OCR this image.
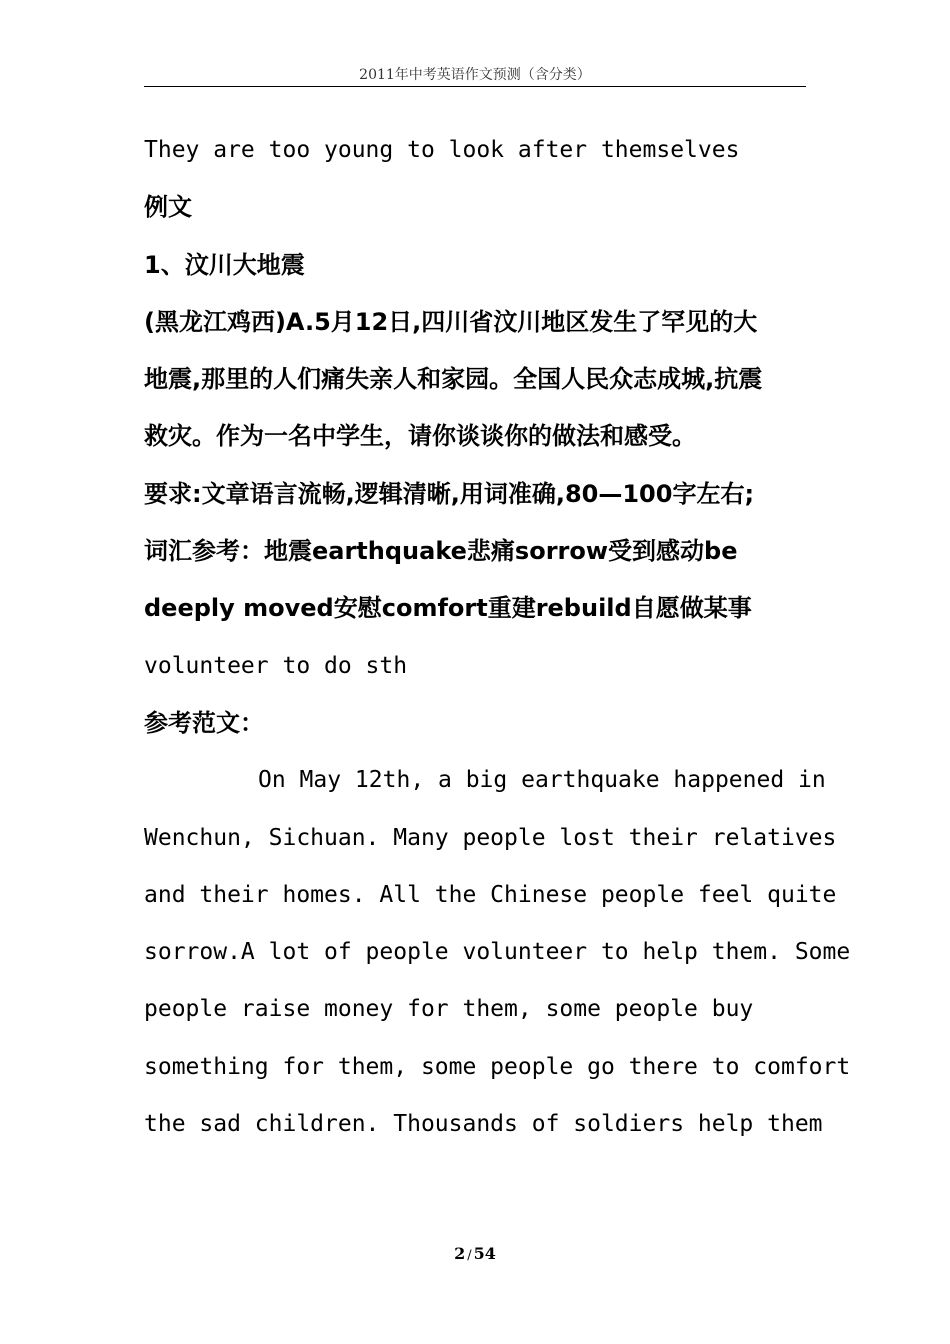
2011年中考英语作文预测（含分类）
They are too young to look after themselves
例文
1、汶川大地震
(黑龙江鸡西)A.5月12日,四川省汶川地区发生了罕见的大
地震,那里的人们痛失亲人和家园。全国人民众志成城,抗震
救灾。作为一名中学生，请你谈谈你的做法和感受。
要求:文章语言流畅,逻辑清晰,用词准确,80—100字左右;
词汇参考：地震earthquake悲痛sorrow受到感动be
deeply moved安慰comfort重建rebuild自愿做某事
volunteer to do sth
参考范文：
On May 12th, a big earthquake happened in
Wenchun, Sichuan. Many people lost their relatives
and their homes. All the Chinese people feel quite
sorrow.A lot of people volunteer to help them. Some
people raise money for them, some people buy
something for them, some people go there to comfort
the sad children. Thousands of soldiers help them
2 / 54
